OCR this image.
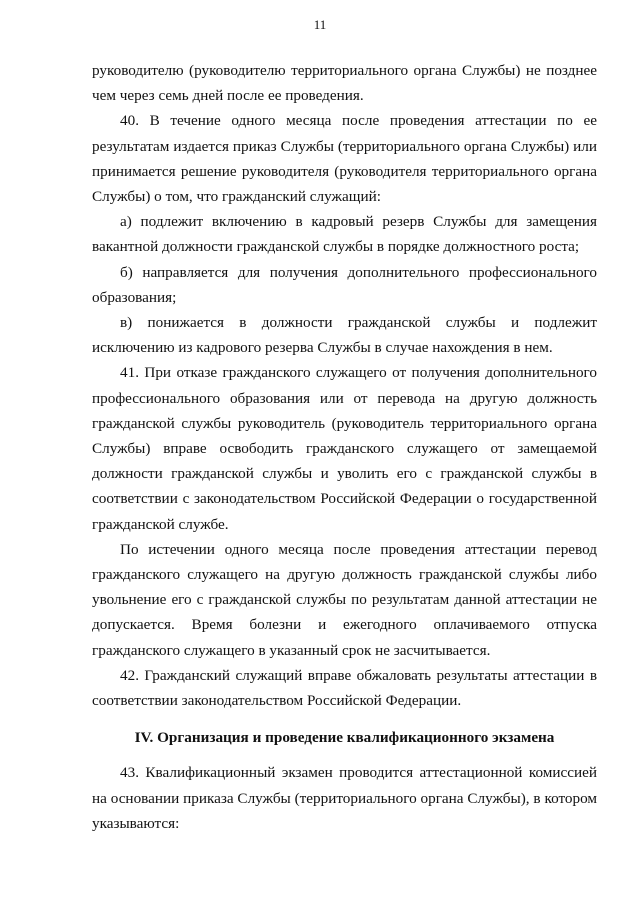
11

руководителю (руководителю территориального органа Службы) не позднее чем через семь дней после ее проведения.

40. В течение одного месяца после проведения аттестации по ее результатам издается приказ Службы (территориального органа Службы) или принимается решение руководителя (руководителя территориального органа Службы) о том, что гражданский служащий:

а) подлежит включению в кадровый резерв Службы для замещения вакантной должности гражданской службы в порядке должностного роста;

б) направляется для получения дополнительного профессионального образования;

в) понижается в должности гражданской службы и подлежит исключению из кадрового резерва Службы в случае нахождения в нем.

41. При отказе гражданского служащего от получения дополнительного профессионального образования или от перевода на другую должность гражданской службы руководитель (руководитель территориального органа Службы) вправе освободить гражданского служащего от замещаемой должности гражданской службы и уволить его с гражданской службы в соответствии с законодательством Российской Федерации о государственной гражданской службе.

По истечении одного месяца после проведения аттестации перевод гражданского служащего на другую должность гражданской службы либо увольнение его с гражданской службы по результатам данной аттестации не допускается. Время болезни и ежегодного оплачиваемого отпуска гражданского служащего в указанный срок не засчитывается.

42. Гражданский служащий вправе обжаловать результаты аттестации в соответствии законодательством Российской Федерации.

IV. Организация и проведение квалификационного экзамена

43. Квалификационный экзамен проводится аттестационной комиссией на основании приказа Службы (территориального органа Службы), в котором указываются:
